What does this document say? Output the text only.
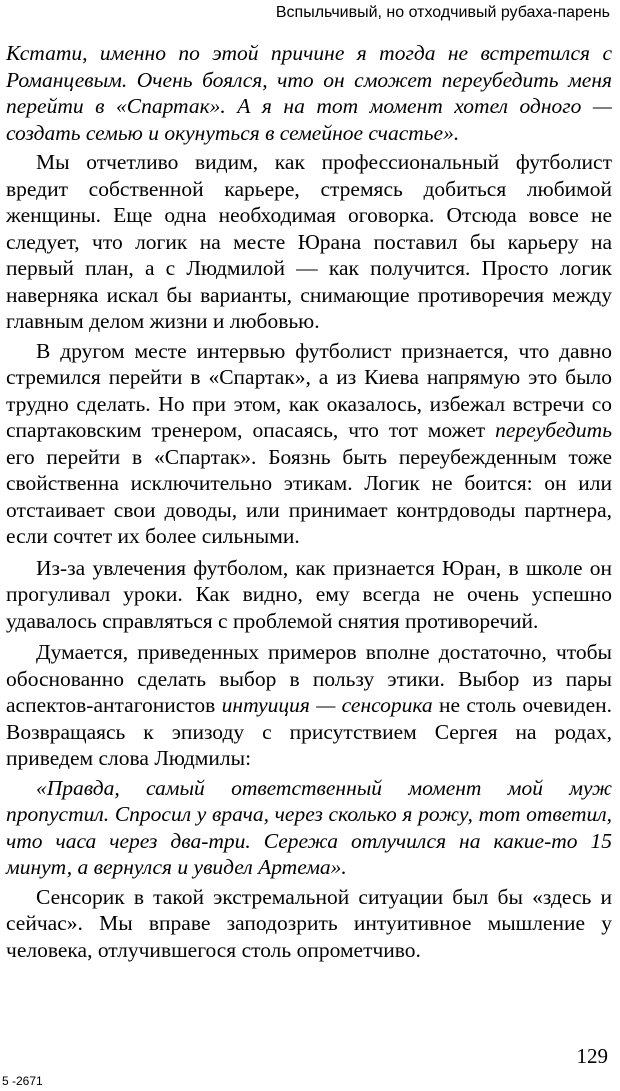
Вспыльчивый, но отходчивый рубаха-парень

Кстати, именно по этой причине я тогда не встретился с Романцевым. Очень боялся, что он сможет переубедить меня перейти в «Спартак». А я на тот момент хотел одного — создать семью и окунуться в семейное счастье».

Мы отчетливо видим, как профессиональный футболист вредит собственной карьере, стремясь добиться любимой женщины. Еще одна необходимая оговорка. Отсюда вовсе не следует, что логик на месте Юрана поставил бы карьеру на первый план, а с Людмилой — как получится. Просто логик наверняка искал бы варианты, снимающие противоречия между главным делом жизни и любовью.

В другом месте интервью футболист признается, что давно стремился перейти в «Спартак», а из Киева напрямую это было трудно сделать. Но при этом, как оказалось, избежал встречи со спартаковским тренером, опасаясь, что тот может переубедить его перейти в «Спартак». Боязнь быть переубежденным тоже свойственна исключительно этикам. Логик не боится: он или отстаивает свои доводы, или принимает контрдоводы партнера, если сочтет их более сильными.

Из-за увлечения футболом, как признается Юран, в школе он прогуливал уроки. Как видно, ему всегда не очень успешно удавалось справляться с проблемой снятия противоречий.

Думается, приведенных примеров вполне достаточно, чтобы обоснованно сделать выбор в пользу этики. Выбор из пары аспектов-антагонистов интуиция — сенсорика не столь очевиден. Возвращаясь к эпизоду с присутствием Сергея на родах, приведем слова Людмилы:

«Правда, самый ответственный момент мой муж пропустил. Спросил у врача, через сколько я рожу, тот ответил, что часа через два-три. Сережа отлучился на какие-то 15 минут, а вернулся и увидел Артема».

Сенсорик в такой экстремальной ситуации был бы «здесь и сейчас». Мы вправе заподозрить интуитивное мышление у человека, отлучившегося столь опрометчиво.

129
5 -2671
